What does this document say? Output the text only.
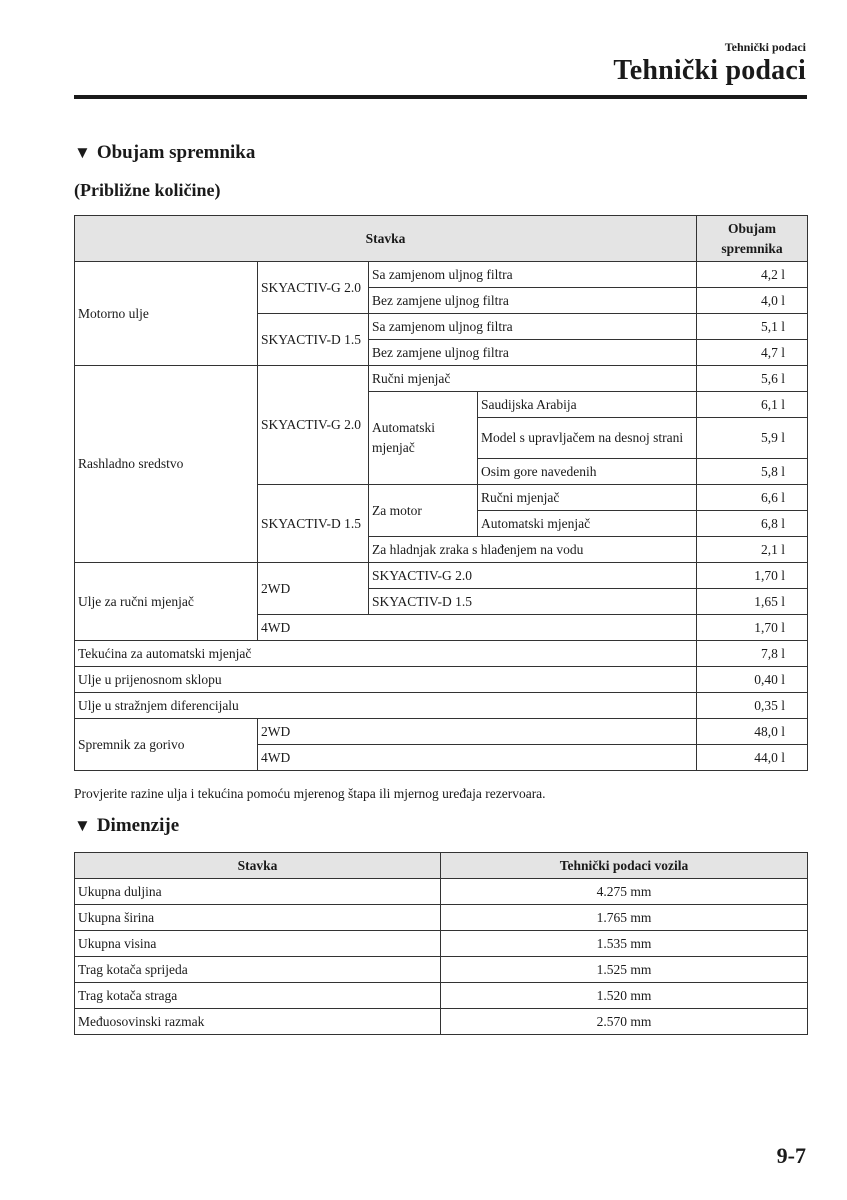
Tehnički podaci
Tehnički podaci
▼ Obujam spremnika
(Približne količine)
Stavka				Obujam
spremnika
Motorno ulje	SKYACTIV-G 2.0	Sa zamjenom uljnog filtra		4,2 l
		Bez zamjene uljnog filtra		4,0 l
	SKYACTIV-D 1.5	Sa zamjenom uljnog filtra		5,1 l
		Bez zamjene uljnog filtra		4,7 l
Rashladno sredstvo	SKYACTIV-G 2.0	Ručni mjenjač		5,6 l
		Automatski mjenjač	Saudijska Arabija	6,1 l
			Model s upravljačem na desnoj strani	5,9 l
			Osim gore navedenih	5,8 l
	SKYACTIV-D 1.5	Za motor	Ručni mjenjač	6,6 l
			Automatski mjenjač	6,8 l
		Za hladnjak zraka s hlađenjem na vodu		2,1 l
Ulje za ručni mjenjač	2WD	SKYACTIV-G 2.0		1,70 l
		SKYACTIV-D 1.5		1,65 l
	4WD			1,70 l
Tekućina za automatski mjenjač				7,8 l
Ulje u prijenosnom sklopu				0,40 l
Ulje u stražnjem diferencijalu				0,35 l
Spremnik za gorivo	2WD			48,0 l
	4WD			44,0 l
Provjerite razine ulja i tekućina pomoću mjerenog štapa ili mjernog uređaja rezervoara.
▼ Dimenzije
Stavka	Tehnički podaci vozila
Ukupna duljina	4.275 mm
Ukupna širina	1.765 mm
Ukupna visina	1.535 mm
Trag kotača sprijeda	1.525 mm
Trag kotača straga	1.520 mm
Međuosovinski razmak	2.570 mm
9-7
